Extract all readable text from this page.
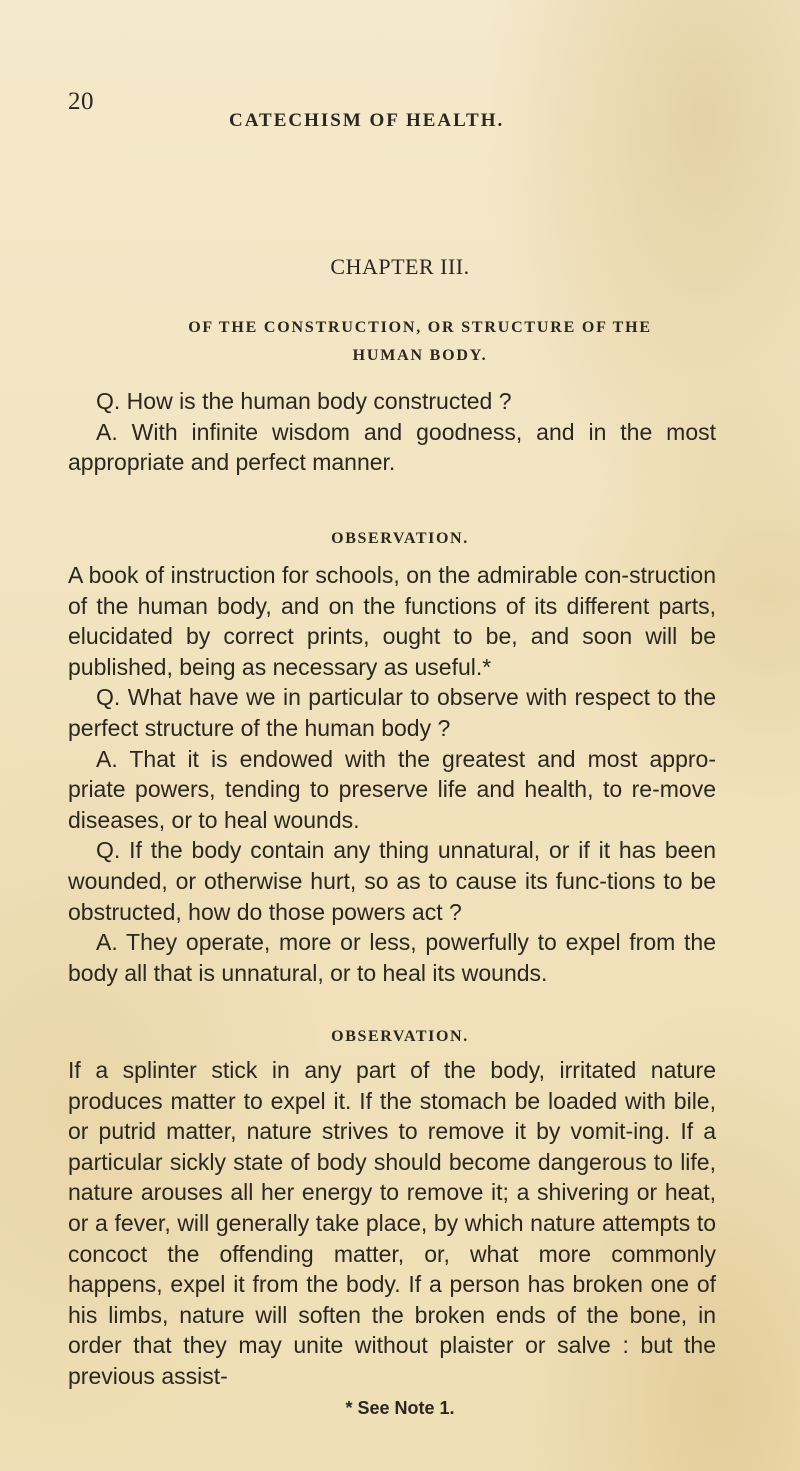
20
CATECHISM OF HEALTH.
CHAPTER III.
OF THE CONSTRUCTION, OR STRUCTURE OF THE
HUMAN BODY.

Q. How is the human body constructed ?

A. With infinite wisdom and goodness, and in the most appropriate and perfect manner.

OBSERVATION.

A book of instruction for schools, on the admirable con-struction of the human body, and on the functions of its different parts, elucidated by correct prints, ought to be, and soon will be published, being as necessary as useful.*

Q. What have we in particular to observe with respect to the perfect structure of the human body ?

A. That it is endowed with the greatest and most appro-priate powers, tending to preserve life and health, to re-move diseases, or to heal wounds.

Q. If the body contain any thing unnatural, or if it has been wounded, or otherwise hurt, so as to cause its func-tions to be obstructed, how do those powers act ?

A. They operate, more or less, powerfully to expel from the body all that is unnatural, or to heal its wounds.

OBSERVATION.

If a splinter stick in any part of the body, irritated nature produces matter to expel it. If the stomach be loaded with bile, or putrid matter, nature strives to remove it by vomit-ing. If a particular sickly state of body should become dangerous to life, nature arouses all her energy to remove it; a shivering or heat, or a fever, will generally take place, by which nature attempts to concoct the offending matter, or, what more commonly happens, expel it from the body. If a person has broken one of his limbs, nature will soften the broken ends of the bone, in order that they may unite without plaister or salve : but the previous assist-

* See Note 1.
